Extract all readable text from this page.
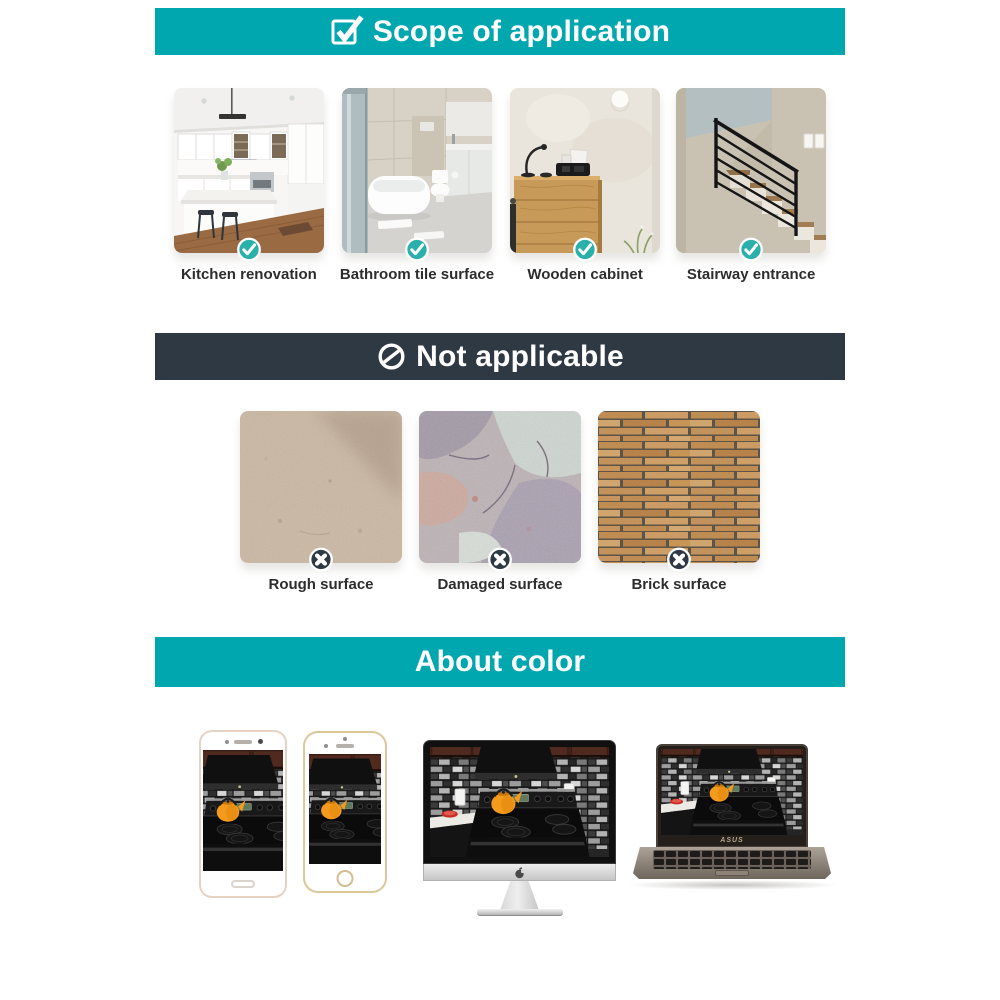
Scope of application
Kitchen renovation Bathroom tile surface Wooden cabinet	Stairway entrance
Not applicable
Rough surface	Damaged surface	Brick surface
About color
ASUS
